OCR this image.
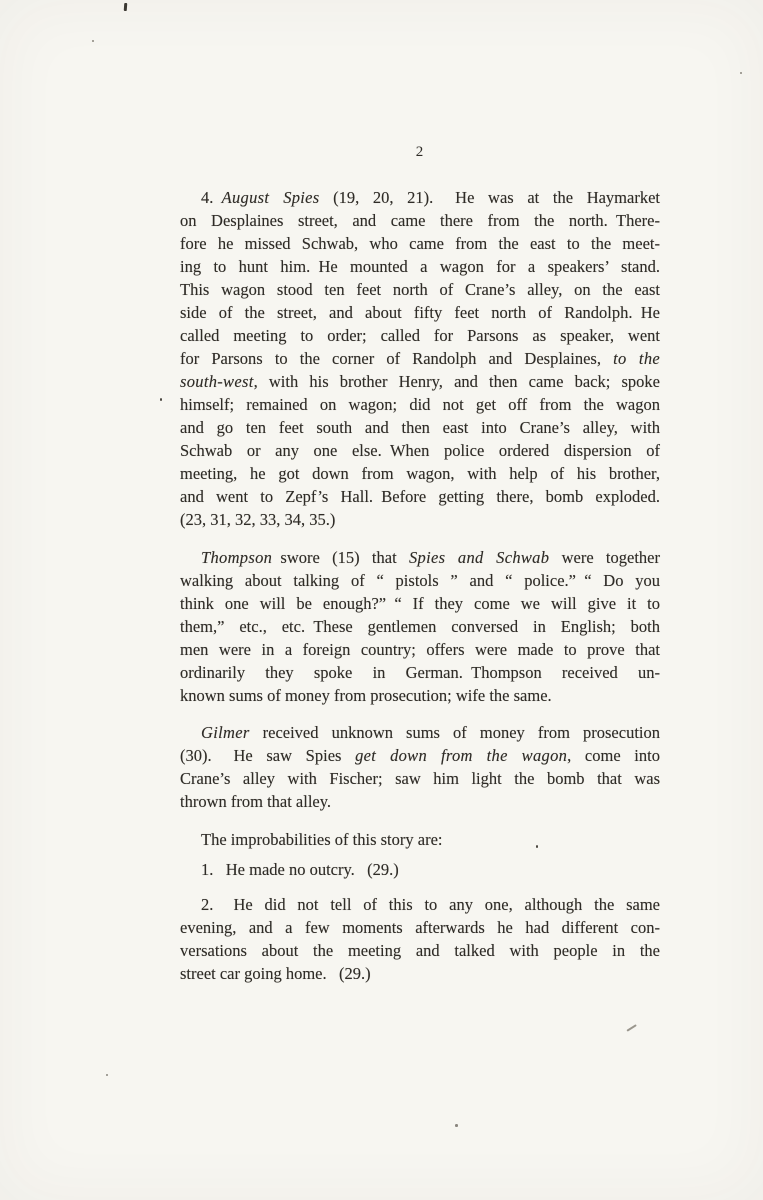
2
4. August Spies (19, 20, 21).  He was at the Haymarket
on Desplaines street, and came there from the north. There-
fore he missed Schwab, who came from the east to the meet-
ing to hunt him. He mounted a wagon for a speakers’ stand.
This wagon stood ten feet north of Crane’s alley, on the east
side of the street, and about fifty feet north of Randolph. He
called meeting to order; called for Parsons as speaker, went
for Parsons to the corner of Randolph and Desplaines, to the
south-west, with his brother Henry, and then came back; spoke
himself; remained on wagon; did not get off from the wagon
and go ten feet south and then east into Crane’s alley, with
Schwab or any one else. When police ordered dispersion of
meeting, he got down from wagon, with help of his brother,
and went to Zepf’s Hall. Before getting there, bomb exploded.
(23, 31, 32, 33, 34, 35.)
Thompson swore (15) that Spies and Schwab were together
walking about talking of “ pistols ” and “ police.” “ Do you
think one will be enough?” “ If they come we will give it to
them,” etc., etc. These gentlemen conversed in English; both
men were in a foreign country; offers were made to prove that
ordinarily they spoke in German. Thompson received un-
known sums of money from prosecution; wife the same.
Gilmer received unknown sums of money from prosecution
(30).  He saw Spies get down from the wagon, come into
Crane’s alley with Fischer; saw him light the bomb that was
thrown from that alley.
The improbabilities of this story are:
1.  He made no outcry.  (29.)
2.  He did not tell of this to any one, although the same
evening, and a few moments afterwards he had different con-
versations about the meeting and talked with people in the
street car going home.  (29.)
